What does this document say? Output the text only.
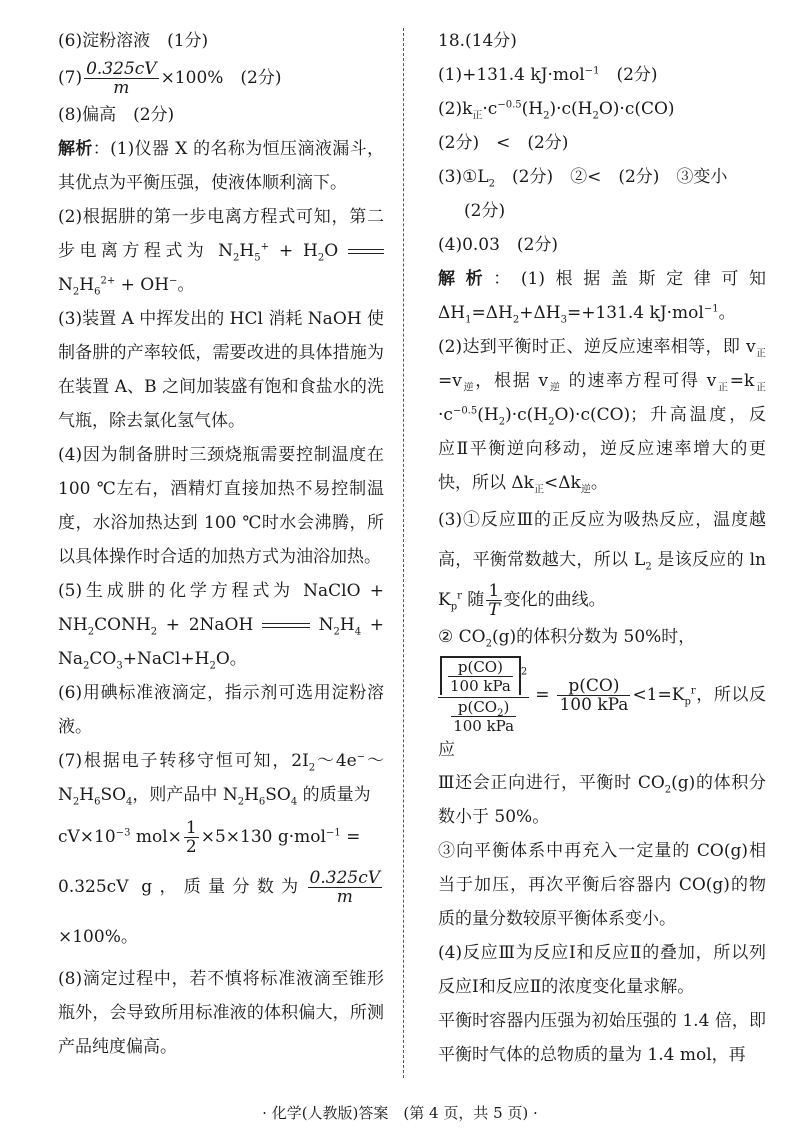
(6)淀粉溶液　(1分)

$(7) \frac{0.325cV}{m} \times 100\%$　(2分)

(8)偏高　(2分)

解析：(1)仪器 X 的名称为恒压滴液漏斗，其优点为平衡压强，使液体顺利滴下。

(2)根据肼的第一步电离方程式可知，第二步电离方程式为 $N_2H_5^+ + H_2O$ $N_2H_6^{2+} + OH^-$。

(3)装置 A 中挥发出的 HCl 消耗 NaOH 使制备肼的产率较低，需要改进的具体措施为在装置 A、B 之间加装盛有饱和食盐水的洗气瓶，除去氯化氢气体。

(4)因为制备肼时三颈烧瓶需要控制温度在 100 ℃左右，酒精灯直接加热不易控制温度，水浴加热达到 100 ℃时水会沸腾，所以具体操作时合适的加热方式为油浴加热。

(5)生成肼的化学方程式为 NaClO + $NH_2CONH_2$ + 2NaOH	$N_2H_4$ + $Na_2CO_3+NaCl+H_2O$。

(6)用碘标准液滴定，指示剂可选用淀粉溶液。

(7)根据电子转移守恒可知，$2I_2\sim 4e^-\sim N_2H_6SO_4$，则产品中 $N_2H_6SO_4$ 的质量为

$cV\times 10^{-3}$ $mol\times \frac{1}{2} \times 5\times 130$ g·mol$^{-1}$ =

0.325cV g，质量分数为 $\frac{0.325cV}{m}$
×100%。

(8)滴定过程中，若不慎将标准液滴至锥形瓶外，会导致所用标准液的体积偏大，所测产品纯度偏高。

18.(14分)

(1)+131.4 kJ·mol$^{-1}$　(2分)

$(2)k_正\cdot c^{-0.5}(H_2)\cdot c(H_2O)\cdot c(CO)$

(2分)　<　(2分)

$(3)①L_2$　(2分)　②<　(2分)　③变小

(2分)

(4)0.03　(2分)

解析：(1)根据盖斯定律可知 $\Delta H_1=\Delta H_2+\Delta H_3=+131.4$ kJ·mol$^{-1}$。

(2)达到平衡时正、逆反应速率相等，即 $v_正=v_逆$，根据 $v_逆$ 的速率方程可得 $v_正=k_正\cdot c^{-0.5}(H_2)\cdot c(H_2O)\cdot c(CO)$；升高温度，反应Ⅱ平衡逆向移动，逆反应速率增大的更快，所以 $\Delta k_正<\Delta k_逆$。

(3)①反应Ⅲ的正反应为吸热反应，温度越高，平衡常数越大，所以 $L_2$ 是该反应的 $\ln K_p^r$ 随 $\frac{1}{T}$ 变化的曲线。

② $CO_2(g)$的体积分数为 50%时，

$\frac{p(CO)}{\text{100 kPa}} ^2$
$\frac{p(CO_2)}{\text{100 kPa}}$
= $\frac{p(CO)}{\text{100 kPa}} <1=K_p^r$，所以反应

Ⅲ还会正向进行，平衡时 $CO_2(g)$的体积分数小于 50%。

③向平衡体系中再充入一定量的 CO(g)相当于加压，再次平衡后容器内 CO(g)的物质的量分数较原平衡体系变小。

(4)反应Ⅲ为反应Ⅰ和反应Ⅱ的叠加，所以列反应Ⅰ和反应Ⅱ的浓度变化量求解。

平衡时容器内压强为初始压强的 1.4 倍，即平衡时气体的总物质的量为 1.4 mol，再

· 化学(人教版)答案　(第 4 页，共 5 页) ·
